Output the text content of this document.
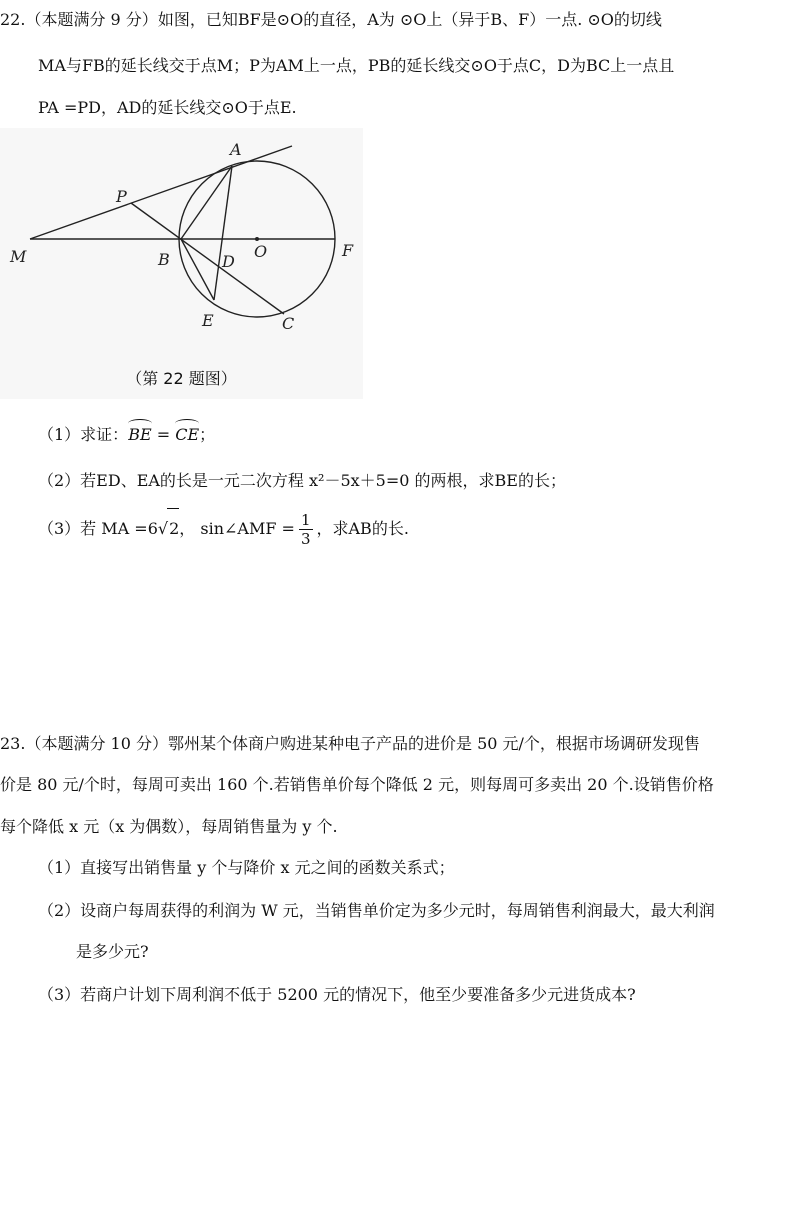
22.（本题满分 9 分）如图，已知BF是⊙O的直径，A为 ⊙O上（异于B、F）一点. ⊙O的切线
MA与FB的延长线交于点M；P为AM上一点，PB的延长线交⊙O于点C，D为BC上一点且
PA =PD，AD的延长线交⊙O于点E.
A
P
M	B	O	F
D
E	C
（第 22 题图）
（1）求证：BE = CE；
（2）若ED、EA的长是一元二次方程 x²－5x＋5=0 的两根，求BE的长；
（3）若 MA =6√2， sin∠AMF = $\frac{1}{3}$ ，求AB的长.
23.（本题满分 10 分）鄂州某个体商户购进某种电子产品的进价是 50 元/个，根据市场调研发现售
价是 80 元/个时，每周可卖出 160 个.若销售单价每个降低 2 元，则每周可多卖出 20 个.设销售价格
每个降低 x 元（x 为偶数），每周销售量为 y 个.
（1）直接写出销售量 y 个与降价 x 元之间的函数关系式；
（2）设商户每周获得的利润为 W 元，当销售单价定为多少元时，每周销售利润最大，最大利润
是多少元?
（3）若商户计划下周利润不低于 5200 元的情况下，他至少要准备多少元进货成本?
